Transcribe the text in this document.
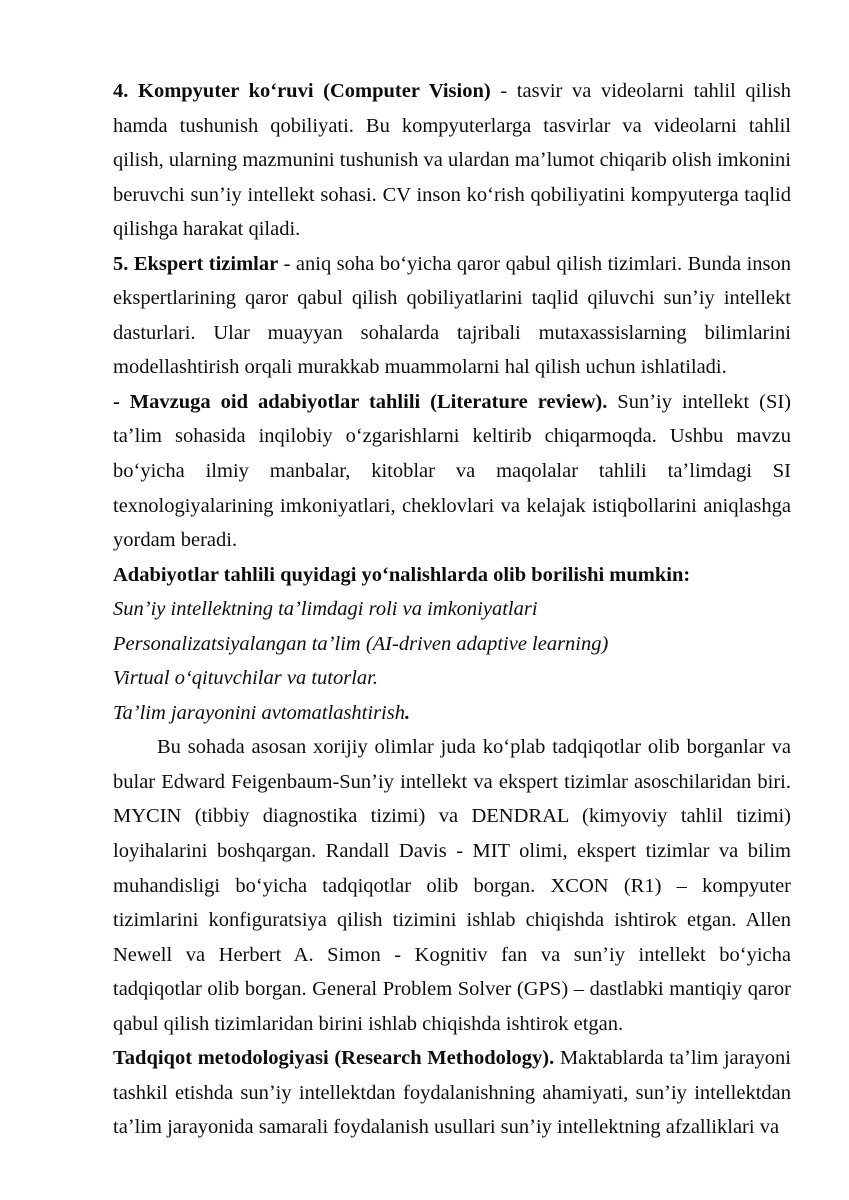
4. Kompyuter koʻruvi (Computer Vision) - tasvir va videolarni tahlil qilish hamda tushunish qobiliyati. Bu kompyuterlarga tasvirlar va videolarni tahlil qilish, ularning mazmunini tushunish va ulardan maʼlumot chiqarib olish imkonini beruvchi sunʼiy intellekt sohasi. CV inson koʻrish qobiliyatini kompyuterga taqlid qilishga harakat qiladi.

5. Ekspert tizimlar - aniq soha boʻyicha qaror qabul qilish tizimlari. Bunda inson ekspertlarining qaror qabul qilish qobiliyatlarini taqlid qiluvchi sunʼiy intellekt dasturlari. Ular muayyan sohalarda tajribali mutaxassislarning bilimlarini modellashtirish orqali murakkab muammolarni hal qilish uchun ishlatiladi.

- Mavzuga oid adabiyotlar tahlili (Literature review). Sunʼiy intellekt (SI) taʼlim sohasida inqilobiy oʻzgarishlarni keltirib chiqarmoqda. Ushbu mavzu boʻyicha ilmiy manbalar, kitoblar va maqolalar tahlili taʼlimdagi SI texnologiyalarining imkoniyatlari, cheklovlari va kelajak istiqbollarini aniqlashga yordam beradi.

Adabiyotlar tahlili quyidagi yoʻnalishlarda olib borilishi mumkin:

Sunʼiy intellektning taʼlimdagi roli va imkoniyatlari

Personalizatsiyalangan taʼlim (AI-driven adaptive learning)

Virtual oʻqituvchilar va tutorlar.

Taʼlim jarayonini avtomatlashtirish.

Bu sohada asosan xorijiy olimlar juda koʻplab tadqiqotlar olib borganlar va bular Edward Feigenbaum-Sunʼiy intellekt va ekspert tizimlar asoschilaridan biri. MYCIN (tibbiy diagnostika tizimi) va DENDRAL (kimyoviy tahlil tizimi) loyihalarini boshqargan. Randall Davis - MIT olimi, ekspert tizimlar va bilim muhandisligi boʻyicha tadqiqotlar olib borgan. XCON (R1) – kompyuter tizimlarini konfiguratsiya qilish tizimini ishlab chiqishda ishtirok etgan. Allen Newell va Herbert A. Simon - Kognitiv fan va sunʼiy intellekt boʻyicha tadqiqotlar olib borgan. General Problem Solver (GPS) – dastlabki mantiqiy qaror qabul qilish tizimlaridan birini ishlab chiqishda ishtirok etgan.

Tadqiqot metodologiyasi (Research Methodology). Maktablarda taʼlim jarayoni tashkil etishda sunʼiy intellektdan foydalanishning ahamiyati, sunʼiy intellektdan taʼlim jarayonida samarali foydalanish usullari sunʼiy intellektning afzalliklari va
